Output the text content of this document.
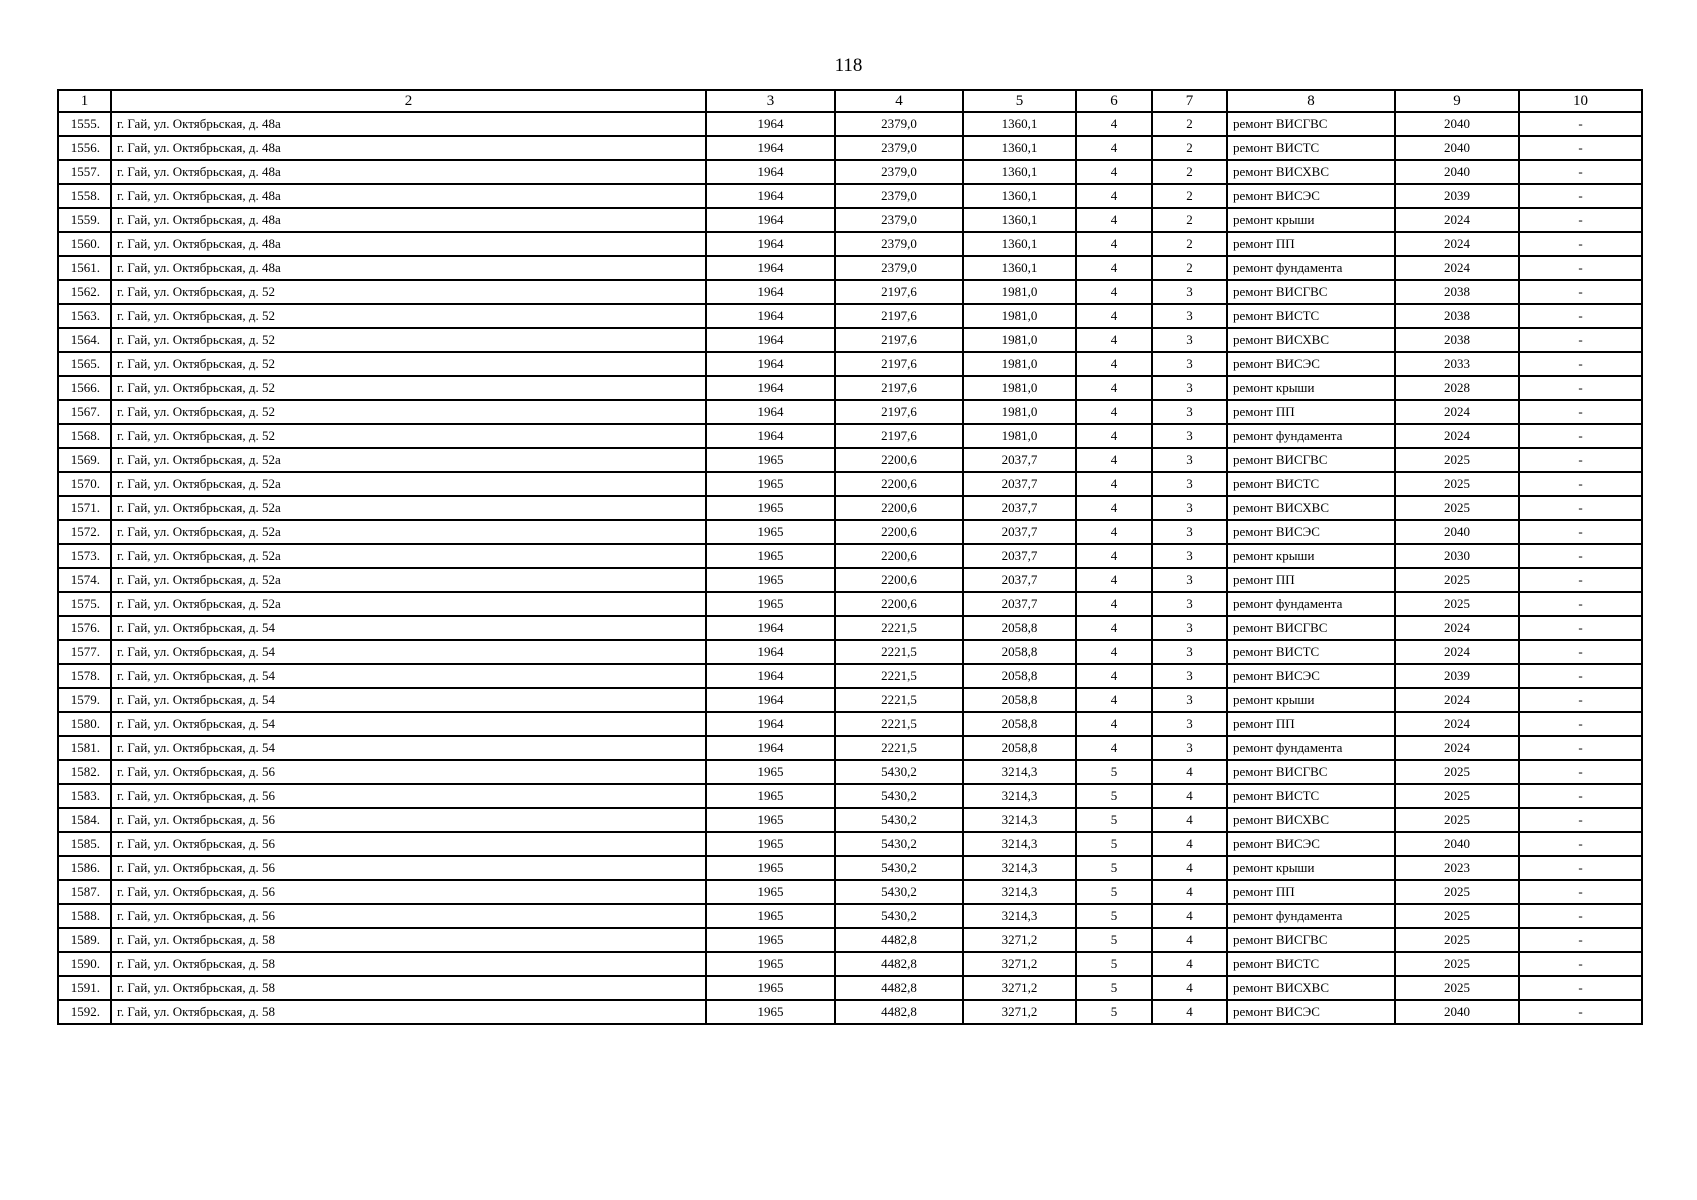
118
1	2	3	4	5	6	7	8	9	10
1555.	г. Гай, ул. Октябрьская, д. 48а	1964	2379,0	1360,1	4	2	ремонт ВИСГВС	2040	-
1556.	г. Гай, ул. Октябрьская, д. 48а	1964	2379,0	1360,1	4	2	ремонт ВИСТС	2040	-
1557.	г. Гай, ул. Октябрьская, д. 48а	1964	2379,0	1360,1	4	2	ремонт ВИСХВС	2040	-
1558.	г. Гай, ул. Октябрьская, д. 48а	1964	2379,0	1360,1	4	2	ремонт ВИСЭС	2039	-
1559.	г. Гай, ул. Октябрьская, д. 48а	1964	2379,0	1360,1	4	2	ремонт крыши	2024	-
1560.	г. Гай, ул. Октябрьская, д. 48а	1964	2379,0	1360,1	4	2	ремонт ПП	2024	-
1561.	г. Гай, ул. Октябрьская, д. 48а	1964	2379,0	1360,1	4	2	ремонт фундамента	2024	-
1562.	г. Гай, ул. Октябрьская, д. 52	1964	2197,6	1981,0	4	3	ремонт ВИСГВС	2038	-
1563.	г. Гай, ул. Октябрьская, д. 52	1964	2197,6	1981,0	4	3	ремонт ВИСТС	2038	-
1564.	г. Гай, ул. Октябрьская, д. 52	1964	2197,6	1981,0	4	3	ремонт ВИСХВС	2038	-
1565.	г. Гай, ул. Октябрьская, д. 52	1964	2197,6	1981,0	4	3	ремонт ВИСЭС	2033	-
1566.	г. Гай, ул. Октябрьская, д. 52	1964	2197,6	1981,0	4	3	ремонт крыши	2028	-
1567.	г. Гай, ул. Октябрьская, д. 52	1964	2197,6	1981,0	4	3	ремонт ПП	2024	-
1568.	г. Гай, ул. Октябрьская, д. 52	1964	2197,6	1981,0	4	3	ремонт фундамента	2024	-
1569.	г. Гай, ул. Октябрьская, д. 52а	1965	2200,6	2037,7	4	3	ремонт ВИСГВС	2025	-
1570.	г. Гай, ул. Октябрьская, д. 52а	1965	2200,6	2037,7	4	3	ремонт ВИСТС	2025	-
1571.	г. Гай, ул. Октябрьская, д. 52а	1965	2200,6	2037,7	4	3	ремонт ВИСХВС	2025	-
1572.	г. Гай, ул. Октябрьская, д. 52а	1965	2200,6	2037,7	4	3	ремонт ВИСЭС	2040	-
1573.	г. Гай, ул. Октябрьская, д. 52а	1965	2200,6	2037,7	4	3	ремонт крыши	2030	-
1574.	г. Гай, ул. Октябрьская, д. 52а	1965	2200,6	2037,7	4	3	ремонт ПП	2025	-
1575.	г. Гай, ул. Октябрьская, д. 52а	1965	2200,6	2037,7	4	3	ремонт фундамента	2025	-
1576.	г. Гай, ул. Октябрьская, д. 54	1964	2221,5	2058,8	4	3	ремонт ВИСГВС	2024	-
1577.	г. Гай, ул. Октябрьская, д. 54	1964	2221,5	2058,8	4	3	ремонт ВИСТС	2024	-
1578.	г. Гай, ул. Октябрьская, д. 54	1964	2221,5	2058,8	4	3	ремонт ВИСЭС	2039	-
1579.	г. Гай, ул. Октябрьская, д. 54	1964	2221,5	2058,8	4	3	ремонт крыши	2024	-
1580.	г. Гай, ул. Октябрьская, д. 54	1964	2221,5	2058,8	4	3	ремонт ПП	2024	-
1581.	г. Гай, ул. Октябрьская, д. 54	1964	2221,5	2058,8	4	3	ремонт фундамента	2024	-
1582.	г. Гай, ул. Октябрьская, д. 56	1965	5430,2	3214,3	5	4	ремонт ВИСГВС	2025	-
1583.	г. Гай, ул. Октябрьская, д. 56	1965	5430,2	3214,3	5	4	ремонт ВИСТС	2025	-
1584.	г. Гай, ул. Октябрьская, д. 56	1965	5430,2	3214,3	5	4	ремонт ВИСХВС	2025	-
1585.	г. Гай, ул. Октябрьская, д. 56	1965	5430,2	3214,3	5	4	ремонт ВИСЭС	2040	-
1586.	г. Гай, ул. Октябрьская, д. 56	1965	5430,2	3214,3	5	4	ремонт крыши	2023	-
1587.	г. Гай, ул. Октябрьская, д. 56	1965	5430,2	3214,3	5	4	ремонт ПП	2025	-
1588.	г. Гай, ул. Октябрьская, д. 56	1965	5430,2	3214,3	5	4	ремонт фундамента	2025	-
1589.	г. Гай, ул. Октябрьская, д. 58	1965	4482,8	3271,2	5	4	ремонт ВИСГВС	2025	-
1590.	г. Гай, ул. Октябрьская, д. 58	1965	4482,8	3271,2	5	4	ремонт ВИСТС	2025	-
1591.	г. Гай, ул. Октябрьская, д. 58	1965	4482,8	3271,2	5	4	ремонт ВИСХВС	2025	-
1592.	г. Гай, ул. Октябрьская, д. 58	1965	4482,8	3271,2	5	4	ремонт ВИСЭС	2040	-
